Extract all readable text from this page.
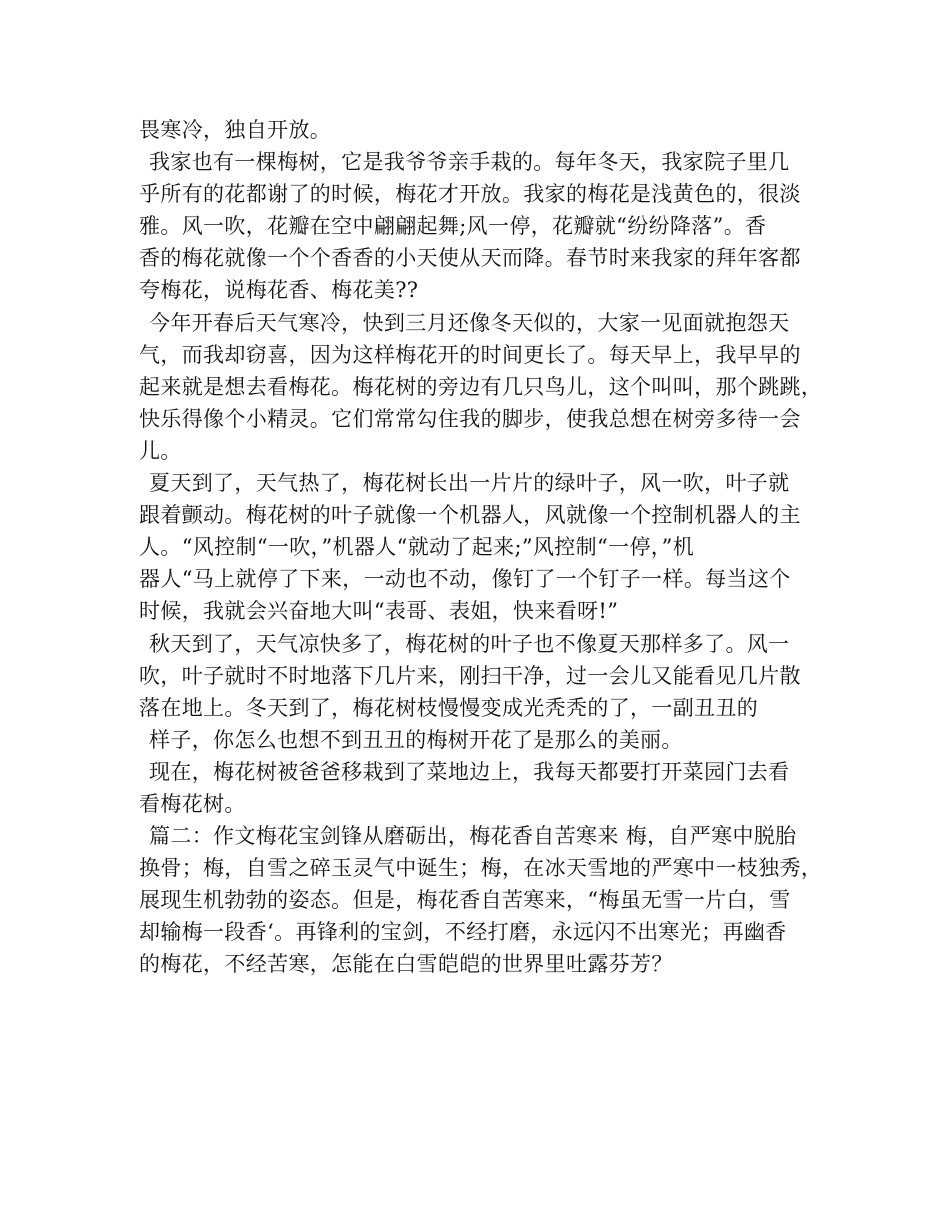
畏寒冷，独自开放。
我家也有一棵梅树，它是我爷爷亲手栽的。每年冬天，我家院子里几
乎所有的花都谢了的时候，梅花才开放。我家的梅花是浅黄色的，很淡
雅。风一吹，花瓣在空中翩翩起舞;风一停，花瓣就“纷纷降落”。香
香的梅花就像一个个香香的小天使从天而降。春节时来我家的拜年客都
夸梅花，说梅花香、梅花美??
今年开春后天气寒冷，快到三月还像冬天似的，大家一见面就抱怨天
气，而我却窃喜，因为这样梅花开的时间更长了。每天早上，我早早的
起来就是想去看梅花。梅花树的旁边有几只鸟儿，这个叫叫，那个跳跳，
快乐得像个小精灵。它们常常勾住我的脚步，使我总想在树旁多待一会
儿。
夏天到了，天气热了，梅花树长出一片片的绿叶子，风一吹，叶子就
跟着颤动。梅花树的叶子就像一个机器人，风就像一个控制机器人的主
人。“风控制“一吹，”机器人“就动了起来;”风控制“一停，”机
器人“马上就停了下来，一动也不动，像钉了一个钉子一样。每当这个
时候，我就会兴奋地大叫“表哥、表姐，快来看呀!”
秋天到了，天气凉快多了，梅花树的叶子也不像夏天那样多了。风一
吹，叶子就时不时地落下几片来，刚扫干净，过一会儿又能看见几片散
落在地上。冬天到了，梅花树枝慢慢变成光秃秃的了，一副丑丑的
样子，你怎么也想不到丑丑的梅树开花了是那么的美丽。
现在，梅花树被爸爸移栽到了菜地边上，我每天都要打开菜园门去看
看梅花树。
篇二：作文梅花宝剑锋从磨砺出，梅花香自苦寒来 梅，自严寒中脱胎
换骨；梅，自雪之碎玉灵气中诞生；梅，在冰天雪地的严寒中一枝独秀，
展现生机勃勃的姿态。但是，梅花香自苦寒来，“梅虽无雪一片白，雪
却输梅一段香‘。再锋利的宝剑，不经打磨，永远闪不出寒光；再幽香
的梅花，不经苦寒，怎能在白雪皑皑的世界里吐露芬芳？
